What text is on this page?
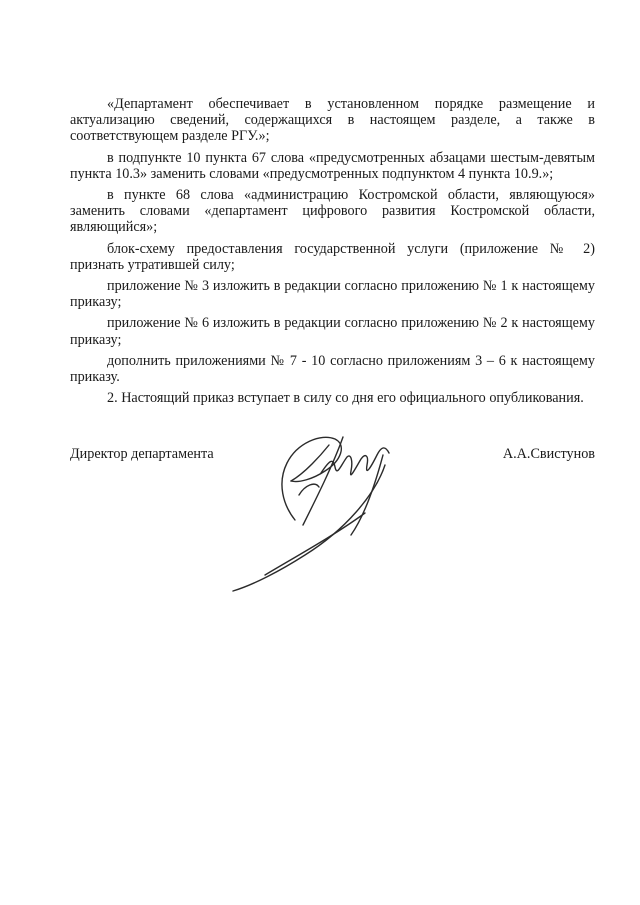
«Департамент обеспечивает в установленном порядке размещение и актуализацию сведений, содержащихся в настоящем разделе, а также в соответствующем разделе РГУ.»;

в подпункте 10 пункта 67 слова «предусмотренных абзацами шестым-девятым пункта 10.3» заменить словами «предусмотренных подпунктом 4 пункта 10.9.»;

в пункте 68 слова «администрацию Костромской области, являющуюся» заменить словами «департамент цифрового развития Костромской области, являющийся»;

блок-схему предоставления государственной услуги (приложение № 2) признать утратившей силу;

приложение № 3 изложить в редакции согласно приложению № 1 к настоящему приказу;

приложение № 6 изложить в редакции согласно приложению № 2 к настоящему приказу;

дополнить приложениями № 7 - 10 согласно приложениям 3 – 6 к настоящему приказу.

2. Настоящий приказ вступает в силу со дня его официального опубликования.

Директор департамента	А.А.Свистунов
